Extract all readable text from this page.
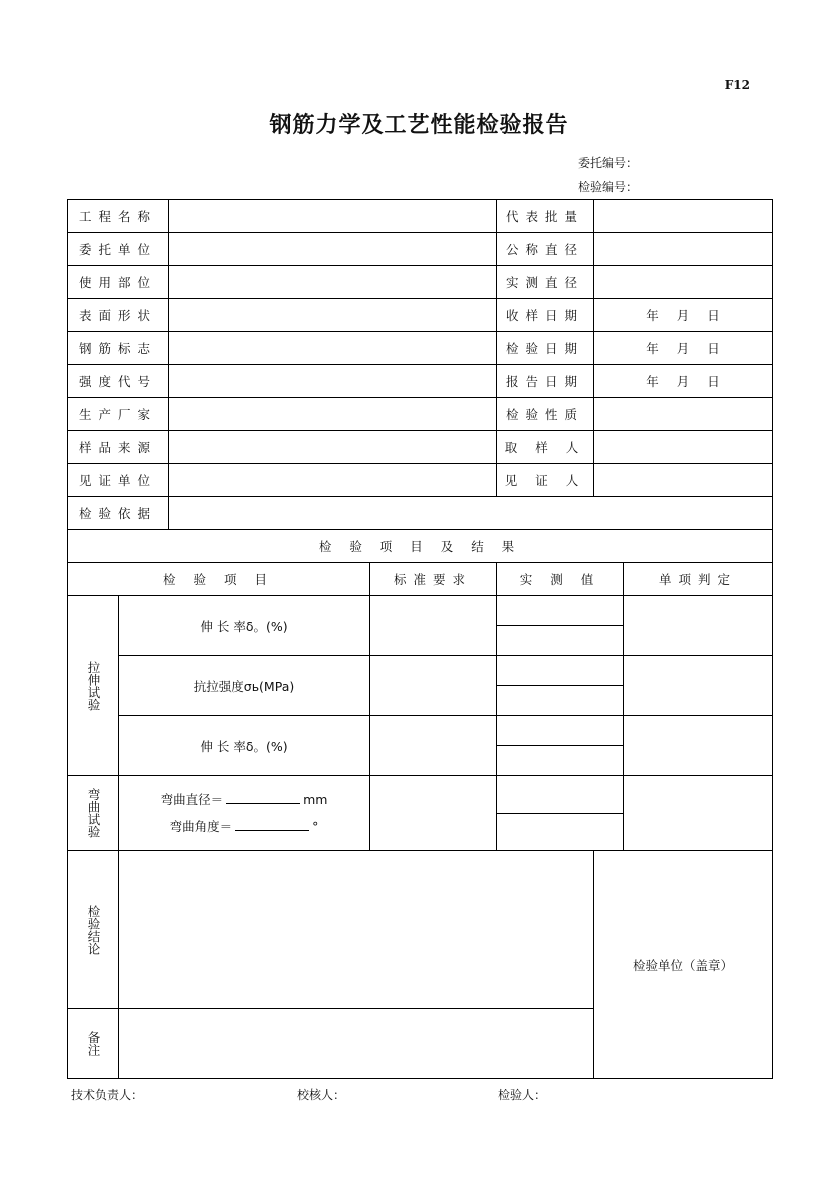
F12
钢筋力学及工艺性能检验报告
委托编号：
检验编号：
工程名称				代表批量		
委托单位				公称直径		
使用部位				实测直径		
表面形状				收样日期	年 月 日	
钢筋标志				检验日期	年 月 日	
强度代号				报告日期	年 月 日	
生产厂家				检验性质		
样品来源				取 样 人		
见证单位				见 证 人		
检验依据						
检 验 项 目 及 结 果						
检 验 项 目			标准要求	实 测 值		单项判定

拉伸试验	伸 长 率δ。(%)				

	抗拉强度σь(MPa)				

	伸 长 率δ。(%)				

弯曲试验	弯曲直径＝ mm
弯曲角度＝ °					

检验结论					检验单位（盖章）	

备注						

技术负责人：	校核人：	检验人：
